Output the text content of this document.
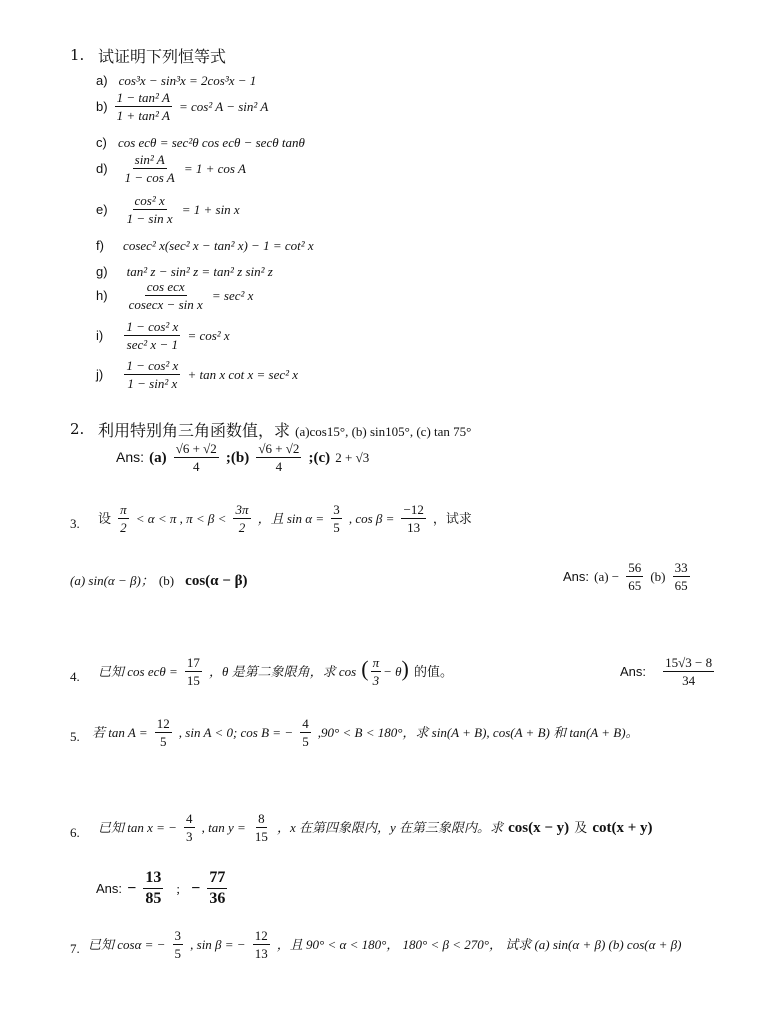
1. 试证明下列恒等式
a) cos³x − sin³x = 2cos³x − 1
$b) \frac{\text{1 − tan² A}}{\text{1 + tan² A}} = \cos^2$ A − sin² A
c) cos ecθ = sec²θ cos ecθ − secθ tanθ
$d) \frac{\text{sin² A}}{\text{1 − cos A}} = 1 + \cos A$
$e) \frac{\text{cos² x}}{\text{1 − sin x}} = 1 + \sin x$
f) cosec² x(sec² x − tan² x) − 1 = cot² x
g) tan² z − sin² z = tan² z sin² z
$h) \frac{\text{cos ecx}}{\text{cosecx − sin x}} = \sec^2$ x
$i) \frac{\text{1 − cos² x}}{\text{sec² x − 1}} = \cos^2$ x
$j) \frac{\text{1 − cos² x}}{\text{1 − sin² x}} + \tan x$ cot x = sec² x
2. 利用特别角三角函数值，求 (a)cos15°, (b) sin105°, (c) tan 75°
Ans: $(a) \frac{√6 + √2}{4}$ ;(b) $\frac{√6 + √2}{4}$ ;(c) 2 + √3
3. 设 $\frac{\pi}{2} < \alpha < \pi$ , $\pi < \beta < \frac{3\pi}{2}$ ，且 $\sin \alpha = \frac{3}{5}$ , $\cos \beta = \frac{-12}{13}$ ，试求
(a) sin(α − β)； (b) cos(α − β)	Ans: $(a) - \frac{56}{65} (b) \frac{33}{65}$
4. 已知 $\cos ec\theta = \frac{17}{15}$ ，θ 是第二象限角，求 cos ( $\frac{\pi}{3} - \theta$) 的值。	Ans: $\frac{15√3 - 8}{34}$
5. 若 $\tan A = \frac{12}{5}$ , sin A < 0; cos B = − $\frac{4}{5} ,90^\circ < B < 180^\circ$，求 sin(A + B), cos(A + B) 和 tan(A + B)。
6. 已知 tan x = − $\frac{4}{3}$ , $\tan y = \frac{8}{15}$ ，x 在第四象限内，y 在第三象限内。求 cos(x − y) 及 cot(x + y)
Ans: − $\frac{13}{85}$ ; − $\frac{77}{36}$
7. 已知 cosα = − $\frac{3}{5}$ , sin β = − $\frac{12}{13}$ ，且 90° < α < 180°， 180° < β < 270°， 试求 (a) sin(α + β) (b) cos(α + β)
